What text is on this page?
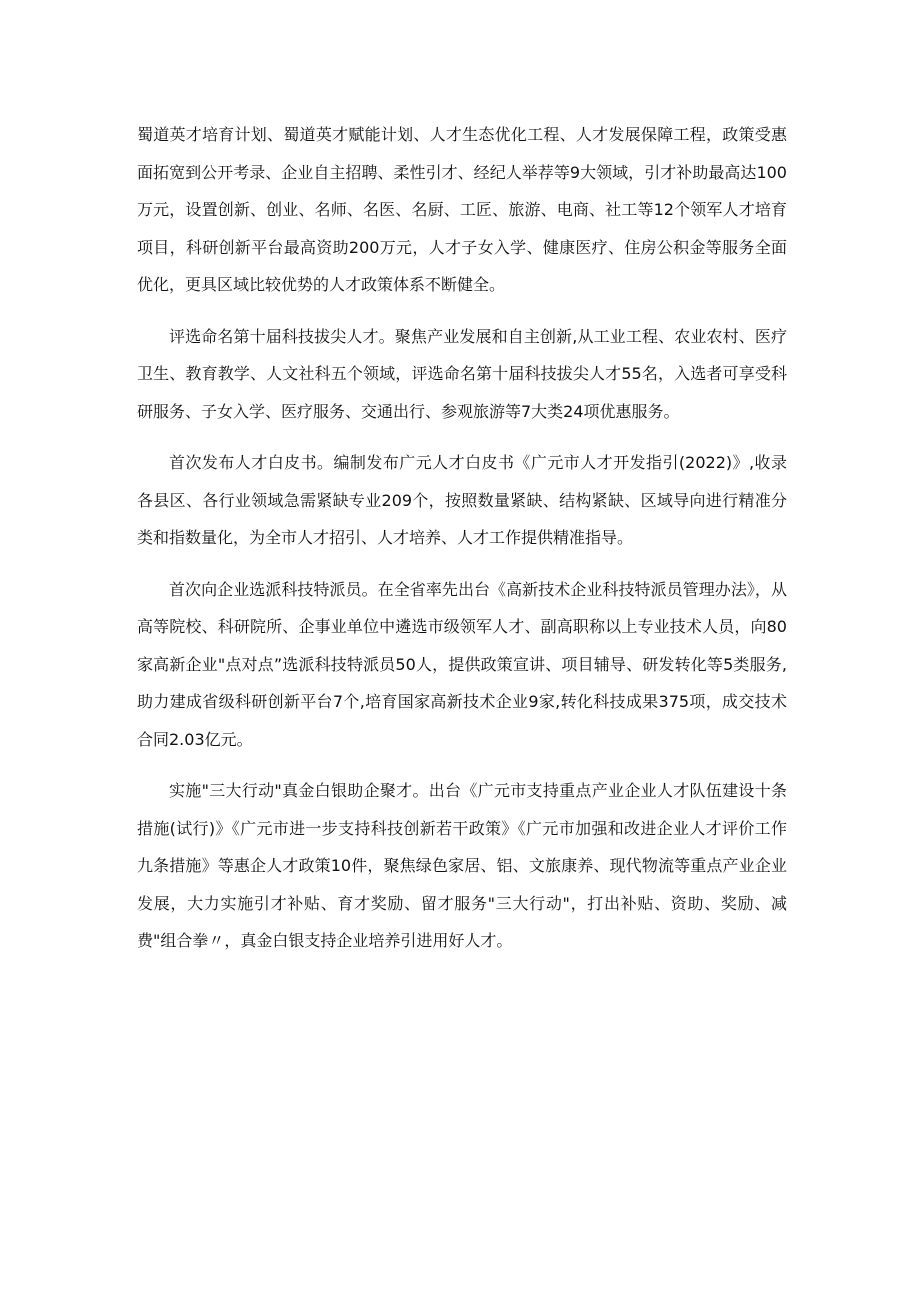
蜀道英才培育计划、蜀道英才赋能计划、人才生态优化工程、人才发展保障工程，政策受惠面拓宽到公开考录、企业自主招聘、柔性引才、经纪人举荐等9大领域，引才补助最高达100万元，设置创新、创业、名师、名医、名厨、工匠、旅游、电商、社工等12个领军人才培育项目，科研创新平台最高资助200万元，人才子女入学、健康医疗、住房公积金等服务全面优化，更具区域比较优势的人才政策体系不断健全。

评选命名第十届科技拔尖人才。聚焦产业发展和自主创新,从工业工程、农业农村、医疗卫生、教育教学、人文社科五个领域，评选命名第十届科技拔尖人才55名，入选者可享受科研服务、子女入学、医疗服务、交通出行、参观旅游等7大类24项优惠服务。

首次发布人才白皮书。编制发布广元人才白皮书《广元市人才开发指引(2022)》,收录各县区、各行业领域急需紧缺专业209个，按照数量紧缺、结构紧缺、区域导向进行精准分类和指数量化，为全市人才招引、人才培养、人才工作提供精准指导。

首次向企业选派科技特派员。在全省率先出台《高新技术企业科技特派员管理办法》，从高等院校、科研院所、企事业单位中遴选市级领军人才、副高职称以上专业技术人员，向80家高新企业"点对点”选派科技特派员50人，提供政策宣讲、项目辅导、研发转化等5类服务,助力建成省级科研创新平台7个,培育国家高新技术企业9家,转化科技成果375项，成交技术合同2.03亿元。

实施"三大行动"真金白银助企聚才。出台《广元市支持重点产业企业人才队伍建设十条措施(试行)》《广元市进一步支持科技创新若干政策》《广元市加强和改进企业人才评价工作九条措施》等惠企人才政策10件，聚焦绿色家居、铝、文旅康养、现代物流等重点产业企业发展，大力实施引才补贴、育才奖励、留才服务"三大行动"，打出补贴、资助、奖励、减费"组合拳〃，真金白银支持企业培养引进用好人才。
